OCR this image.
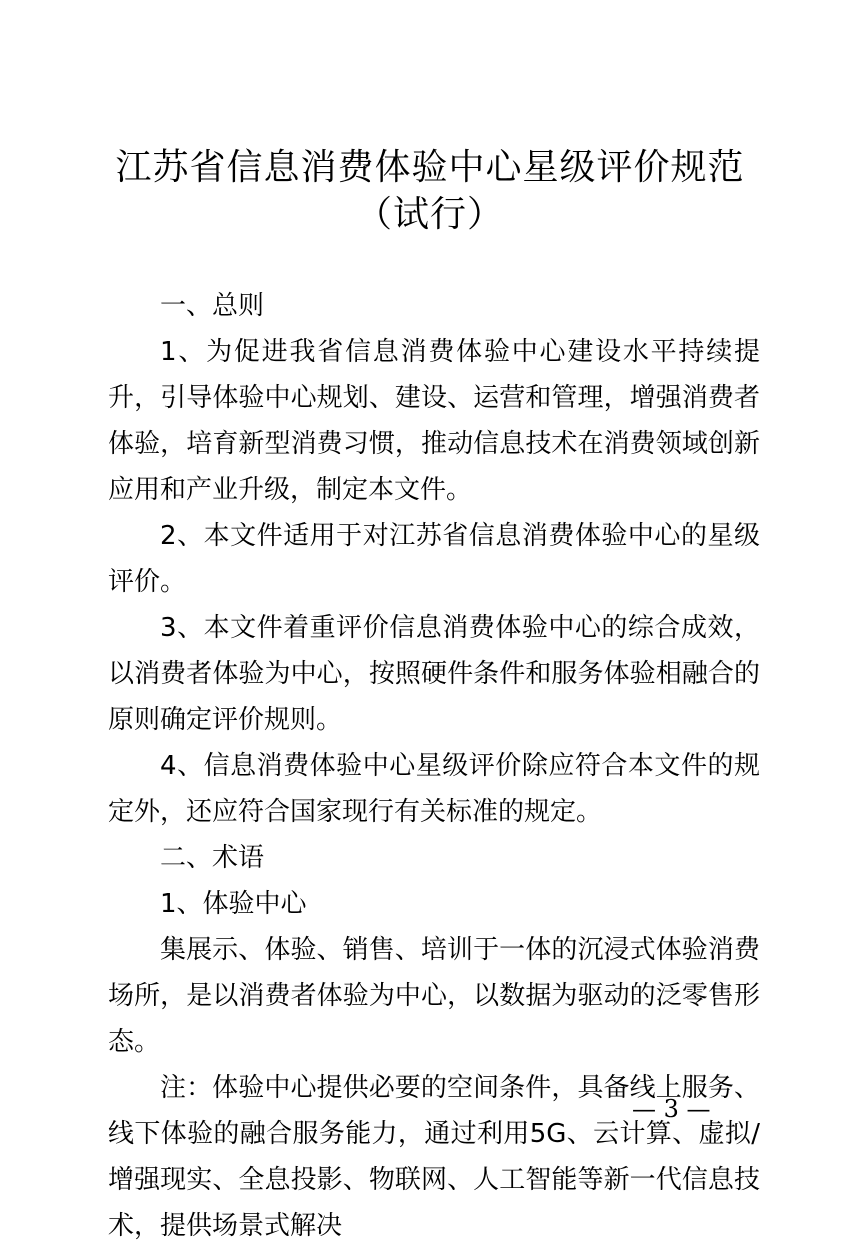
江苏省信息消费体验中心星级评价规范
（试行）

一、总则

1、为促进我省信息消费体验中心建设水平持续提升，引导体验中心规划、建设、运营和管理，增强消费者体验，培育新型消费习惯，推动信息技术在消费领域创新应用和产业升级，制定本文件。

2、本文件适用于对江苏省信息消费体验中心的星级评价。

3、本文件着重评价信息消费体验中心的综合成效，以消费者体验为中心，按照硬件条件和服务体验相融合的原则确定评价规则。

4、信息消费体验中心星级评价除应符合本文件的规定外，还应符合国家现行有关标准的规定。

二、术语

1、体验中心

集展示、体验、销售、培训于一体的沉浸式体验消费场所，是以消费者体验为中心，以数据为驱动的泛零售形态。

注：体验中心提供必要的空间条件，具备线上服务、线下体验的融合服务能力，通过利用5G、云计算、虚拟/增强现实、全息投影、物联网、人工智能等新一代信息技术，提供场景式解决

— 3 —
